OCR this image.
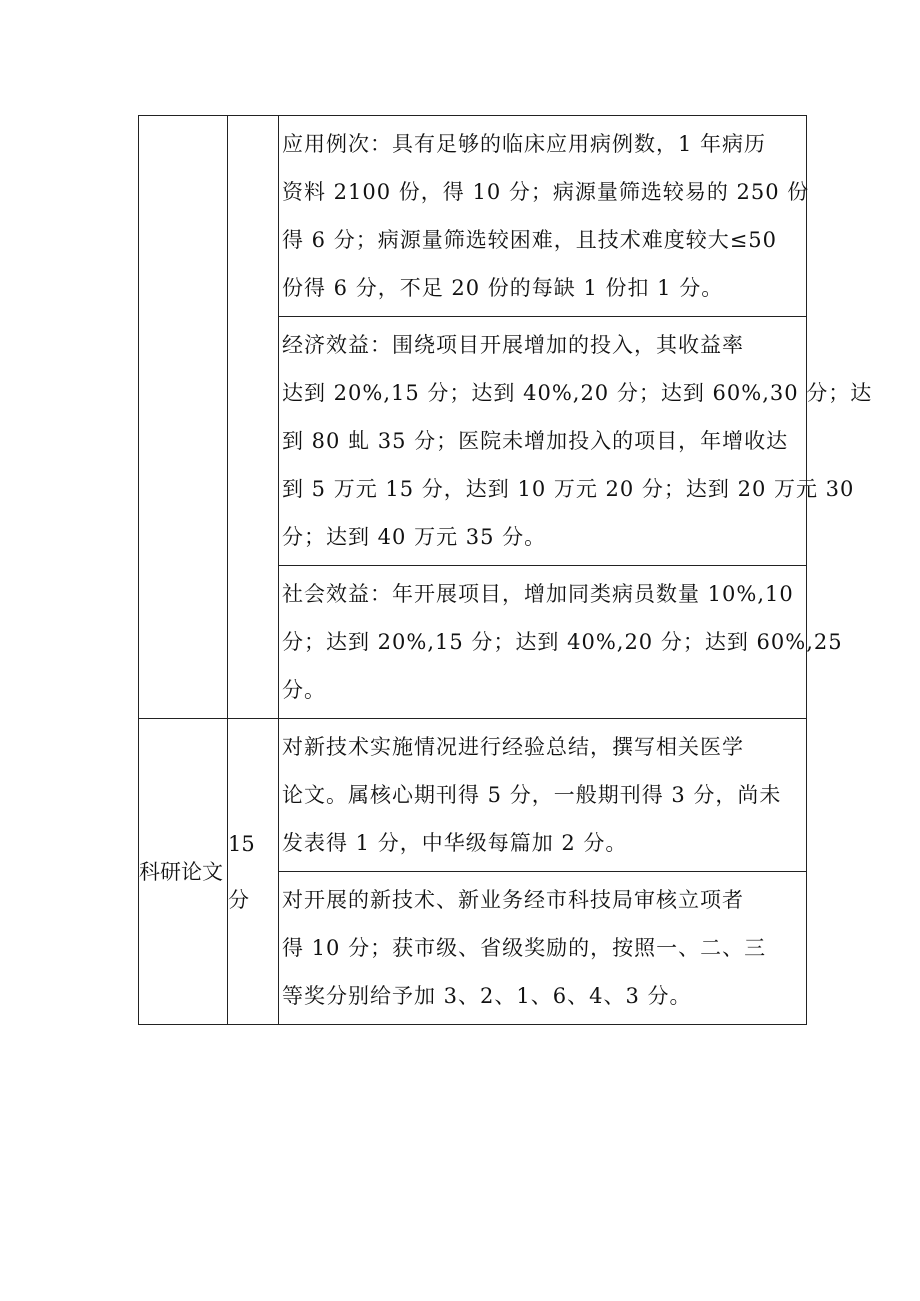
		应用例次：具有足够的临床应用病例数，1 年病历
资料 2100 份，得 10 分；病源量筛选较易的 250 份
得 6 分；病源量筛选较困难，且技术难度较大≤50
份得 6 分，不足 20 份的每缺 1 份扣 1 分。

		经济效益：围绕项目开展增加的投入，其收益率
达到 20%,15 分；达到 40%,20 分；达到 60%,30 分；达
到 80 虬 35 分；医院未增加投入的项目，年增收达
到 5 万元 15 分，达到 10 万元 20 分；达到 20 万元 30
分；达到 40 万元 35 分。

		社会效益：年开展项目，增加同类病员数量 10%,10
分；达到 20%,15 分；达到 40%,20 分；达到 60%,25
分。

科研论文	15 分	对新技术实施情况进行经验总结，撰写相关医学
论文。属核心期刊得 5 分，一般期刊得 3 分，尚未
发表得 1 分，中华级每篇加 2 分。

		对开展的新技术、新业务经市科技局审核立项者
得 10 分；获市级、省级奖励的，按照一、二、三
等奖分别给予加 3、2、1、6、4、3 分。
